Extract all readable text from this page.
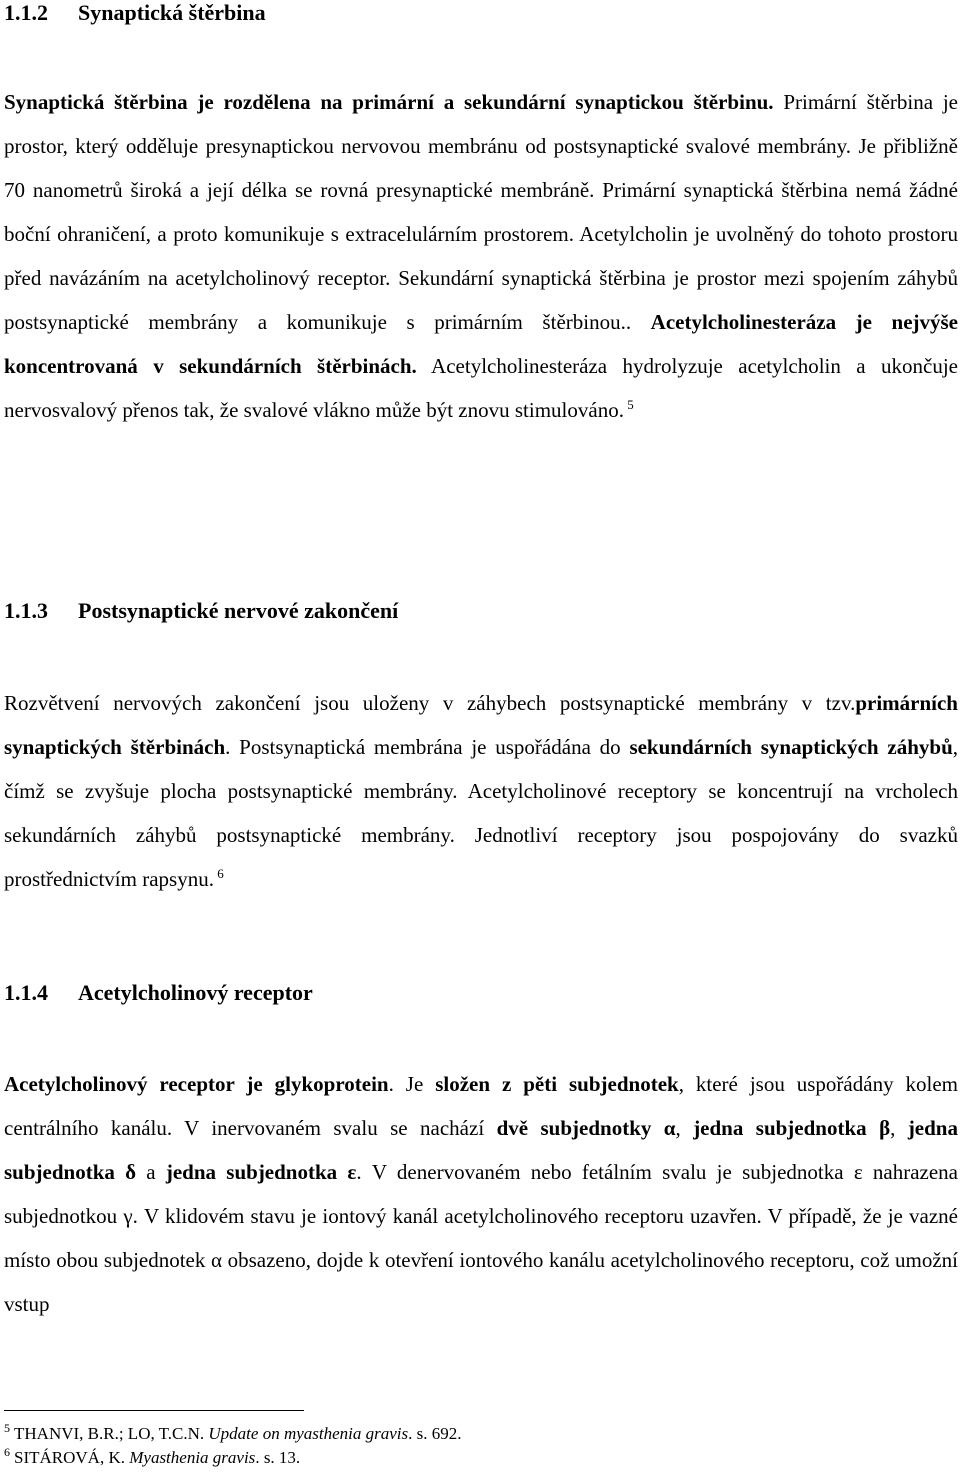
1.1.2 Synaptická štěrbina
Synaptická štěrbina je rozdělena na primární a sekundární synaptickou štěrbinu. Primární štěrbina je prostor, který odděluje presynaptickou nervovou membránu od postsynaptické svalové membrány. Je přibližně 70 nanometrů široká a její délka se rovná presynaptické membráně. Primární synaptická štěrbina nemá žádné boční ohraničení, a proto komunikuje s extracelulárním prostorem. Acetylcholin je uvolněný do tohoto prostoru před navázáním na acetylcholinový receptor. Sekundární synaptická štěrbina je prostor mezi spojením záhybů postsynaptické membrány a komunikuje s primárním štěrbinou.. Acetylcholinesteráza je nejvýše koncentrovaná v sekundárních štěrbinách. Acetylcholinesteráza hydrolyzuje acetylcholin a ukončuje nervosvalový přenos tak, že svalové vlákno může být znovu stimulováno. $^5$
1.1.3 Postsynaptické nervové zakončení
Rozvětvení nervových zakončení jsou uloženy v záhybech postsynaptické membrány v tzv.primárních synaptických štěrbinách. Postsynaptická membrána je uspořádána do sekundárních synaptických záhybů, čímž se zvyšuje plocha postsynaptické membrány. Acetylcholinové receptory se koncentrují na vrcholech sekundárních záhybů postsynaptické membrány. Jednotliví receptory jsou pospojovány do svazků prostřednictvím rapsynu. $^6$
1.1.4 Acetylcholinový receptor
Acetylcholinový receptor je glykoprotein. Je složen z pěti subjednotek, které jsou uspořádány kolem centrálního kanálu. V inervovaném svalu se nachází dvě subjednotky α, jedna subjednotka β, jedna subjednotka δ a jedna subjednotka ε. V denervovaném nebo fetálním svalu je subjednotka ε nahrazena subjednotkou γ. V klidovém stavu je iontový kanál acetylcholinového receptoru uzavřen. V případě, že je vazné místo obou subjednotek α obsazeno, dojde k otevření iontového kanálu acetylcholinového receptoru, což umožní vstup
$^5$ THANVI, B.R.; LO, T.C.N. Update on myasthenia gravis. s. 692.
$^6$ SITÁROVÁ, K. Myasthenia gravis. s. 13.
